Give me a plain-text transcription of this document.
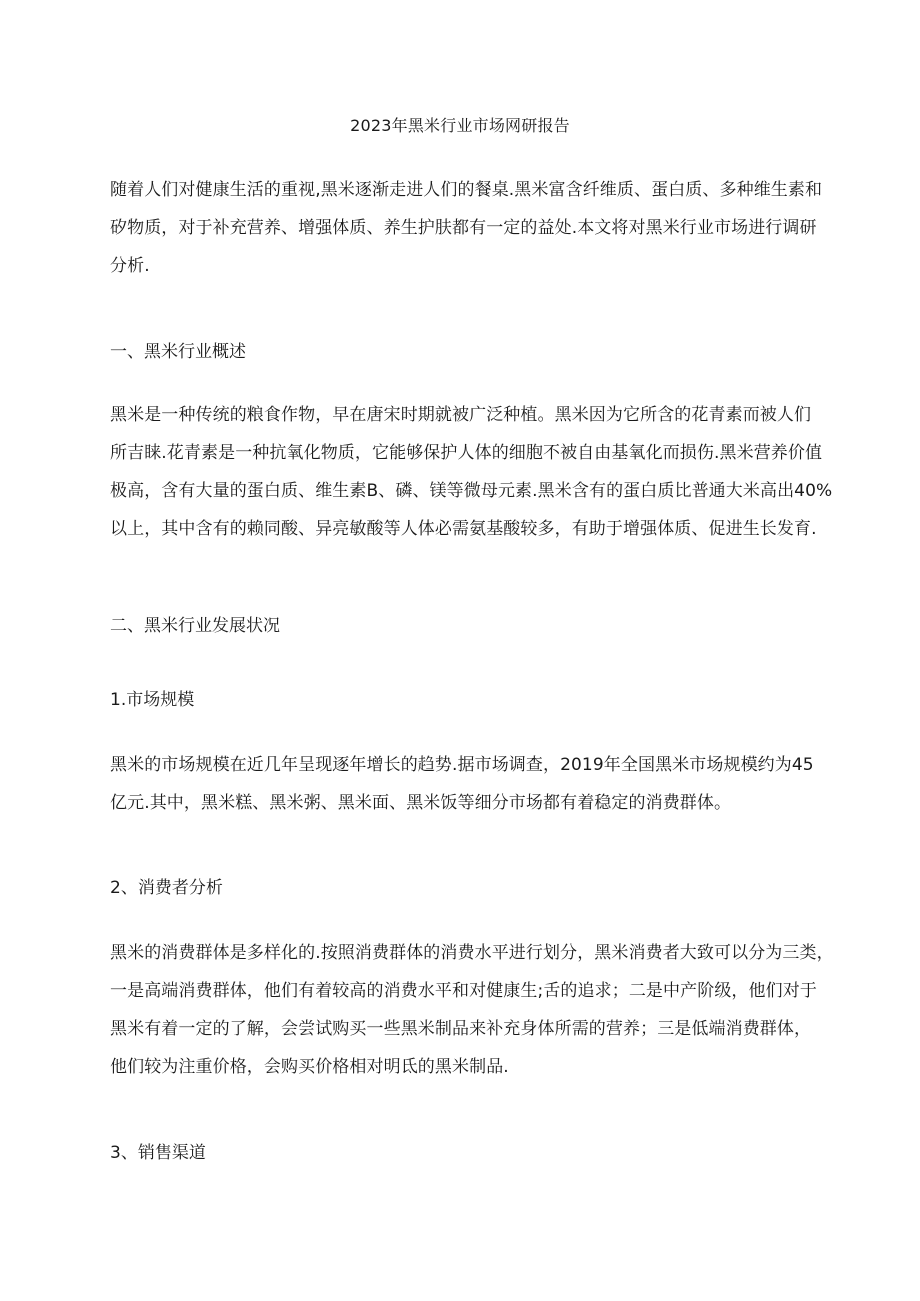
2023年黑米行业市场网研报告

随着人们对健康生活的重视,黑米逐渐走进人们的餐桌.黑米富含纤维质、蛋白质、多种维生素和
矽物质，对于补充营养、增强体质、养生护肤都有一定的益处.本文将对黑米行业市场进行调研
分析.

一、黑米行业概述

黑米是一种传统的粮食作物，早在唐宋时期就被广泛种植。黑米因为它所含的花青素而被人们
所吉睐.花青素是一种抗氧化物质，它能够保护人体的细胞不被自由基氧化而损伤.黑米营养价值
极高，含有大量的蛋白质、维生素B、磷、镁等微母元素.黑米含有的蛋白质比普通大米高出40%
以上，其中含有的赖同酸、异亮敏酸等人体必需氨基酸较多，有助于增强体质、促进生长发育.

二、黑米行业发展状况
1.市场规模

黑米的市场规模在近几年呈现逐年增长的趋势.据市场调查，2019年全国黑米市场规模约为45
亿元.其中，黑米糕、黑米粥、黑米面、黑米饭等细分市场都有着稳定的消费群体。

2、消费者分析

黑米的消费群体是多样化的.按照消费群体的消费水平进行划分，黑米消费者大致可以分为三类，
一是高端消费群体，他们有着较高的消费水平和对健康生;舌的追求；二是中产阶级，他们对于
黑米有着一定的了解，会尝试购买一些黑米制品来补充身体所需的营养；三是低端消费群体，
他们较为注重价格，会购买价格相对明氐的黑米制品.

3、销售渠道
